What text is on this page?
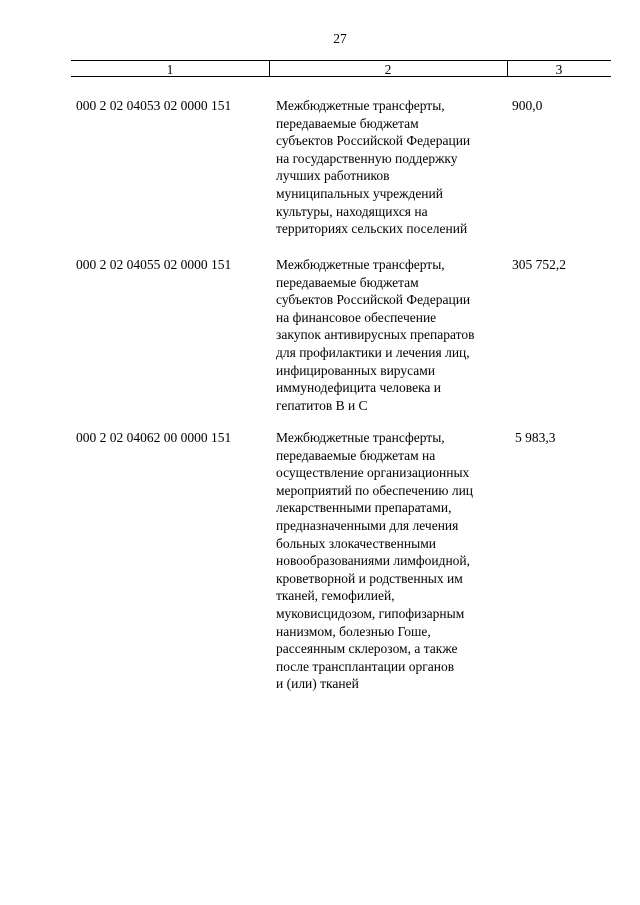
27
1	2	3
000 2 02 04053 02 0000 151	Межбюджетные трансферты,
передаваемые бюджетам
субъектов Российской Федерации
на государственную поддержку
лучших работников
муниципальных учреждений
культуры, находящихся на
территориях сельских поселений
900,0
000 2 02 04055 02 0000 151	Межбюджетные трансферты,
передаваемые бюджетам
субъектов Российской Федерации
на финансовое обеспечение
закупок антивирусных препаратов
для профилактики и лечения лиц,
инфицированных вирусами
иммунодефицита человека и
гепатитов B и C
305 752,2
000 2 02 04062 00 0000 151	Межбюджетные трансферты,
передаваемые бюджетам на
осуществление организационных
мероприятий по обеспечению лиц
лекарственными препаратами,
предназначенными для лечения
больных злокачественными
новообразованиями лимфоидной,
кроветворной и родственных им
тканей, гемофилией,
муковисцидозом, гипофизарным
нанизмом, болезнью Гоше,
рассеянным склерозом, а также
после трансплантации органов
и (или) тканей
5 983,3
